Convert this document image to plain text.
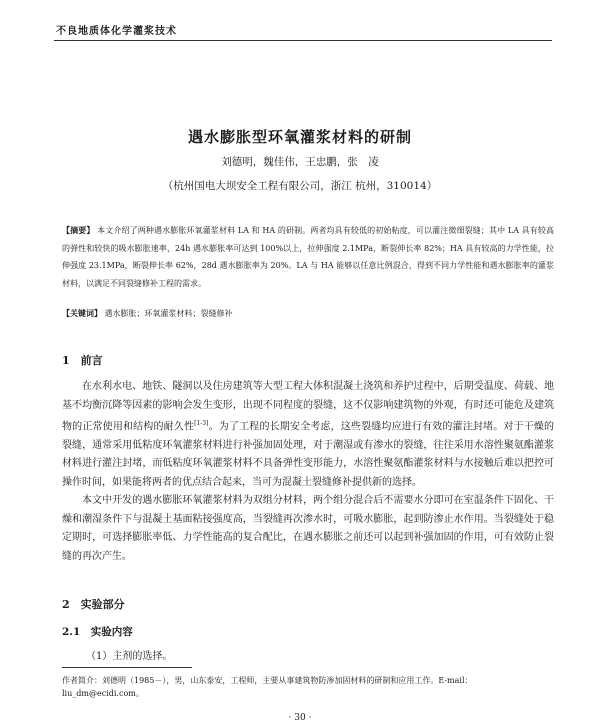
不良地质体化学灌浆技术
遇水膨胀型环氧灌浆材料的研制
刘德明，魏佳伟，王忠鹏，张　凌
（杭州国电大坝安全工程有限公司，浙江 杭州，310014）
【摘要】 本文介绍了两种遇水膨胀环氧灌浆材料 LA 和 HA 的研制。两者均具有较低的初始粘度，可以灌注微细裂缝；其中 LA 具有较高的弹性和较快的吸水膨胀速率，24h 遇水膨胀率可达到 100%以上，拉伸强度 2.1MPa，断裂伸长率 82%；HA 具有较高的力学性能，拉伸强度 23.1MPa，断裂伸长率 62%，28d 遇水膨胀率为 20%。LA 与 HA 能够以任意比例混合，得到不同力学性能和遇水膨胀率的灌浆材料，以满足不同裂缝修补工程的需求。
【关键词】 遇水膨胀；环氧灌浆材料；裂缝修补
1　前言

在水利水电、地铁、隧洞以及住房建筑等大型工程大体积混凝土浇筑和养护过程中，后期受温度、荷载、地基不均衡沉降等因素的影响会发生变形，出现不同程度的裂缝，这不仅影响建筑物的外观，有时还可能危及建筑物的正常使用和结构的耐久性[1-3]。为了工程的长期安全考虑，这些裂缝均应进行有效的灌注封堵。对于干燥的裂缝，通常采用低粘度环氧灌浆材料进行补强加固处理，对于潮湿或有渗水的裂缝，往往采用水溶性聚氨酯灌浆材料进行灌注封堵，而低粘度环氧灌浆材料不具备弹性变形能力，水溶性聚氨酯灌浆材料与水接触后难以把控可操作时间，如果能将两者的优点结合起来，当可为混凝土裂缝修补提供新的选择。

本文中开发的遇水膨胀环氧灌浆材料为双组分材料，两个组分混合后不需要水分即可在室温条件下固化、干燥和潮湿条件下与混凝土基面粘接强度高，当裂缝再次渗水时，可吸水膨胀，起到防渗止水作用。当裂缝处于稳定期时，可选择膨胀率低、力学性能高的复合配比，在遇水膨胀之前还可以起到补强加固的作用，可有效防止裂缝的再次产生。

2　实验部分
2.1　实验内容
（1）主剂的选择。
作者简介：刘德明（1985－），男，山东泰安，工程师，主要从事建筑物防渗加固材料的研制和应用工作。E-mail：liu_dm@ecidi.com。
· 30 ·
